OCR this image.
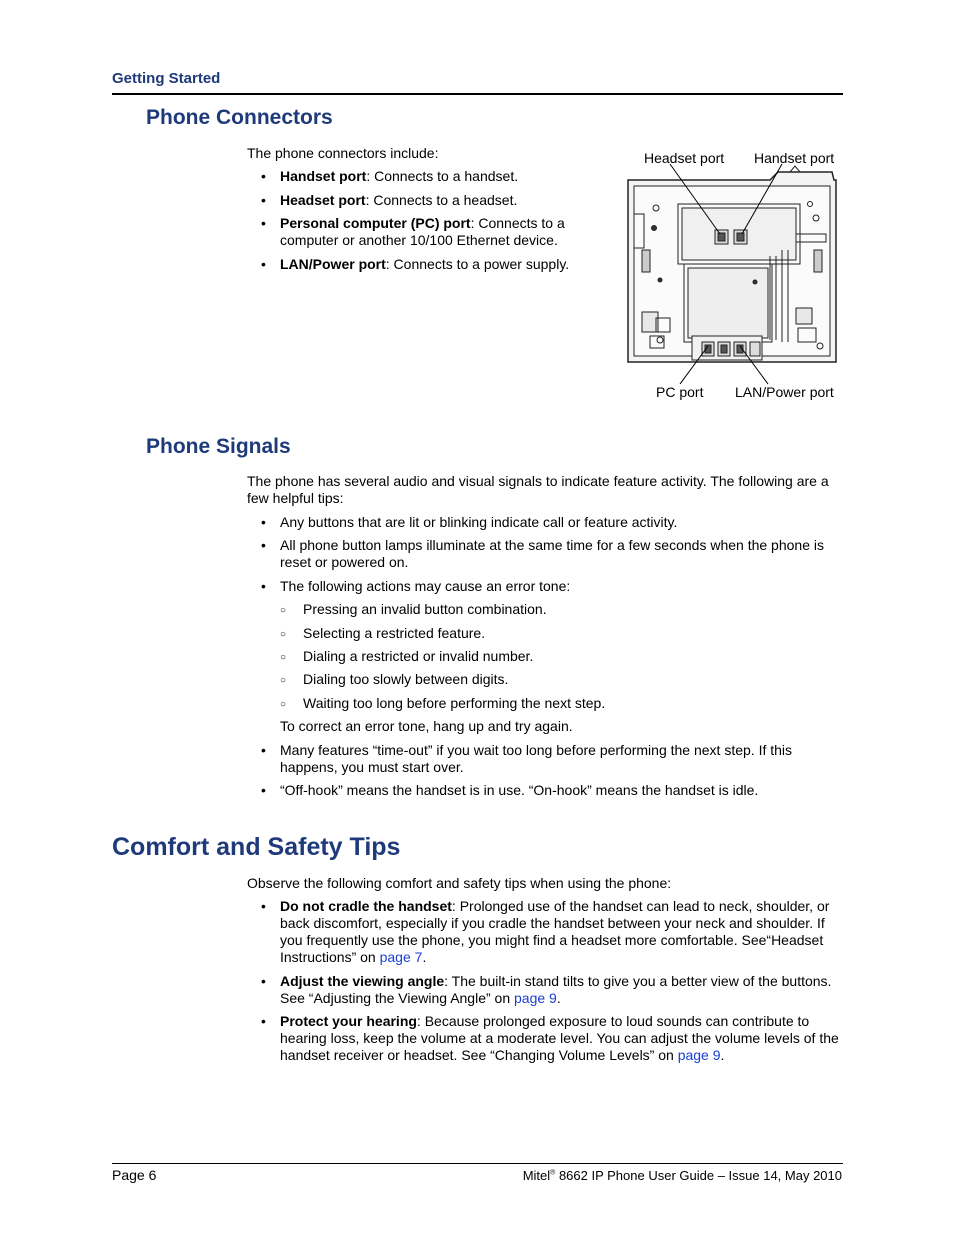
Getting Started
Phone Connectors
The phone connectors include:
• Handset port: Connects to a handset.
• Headset port: Connects to a headset.
• Personal computer (PC) port: Connects to a computer or another 10/100 Ethernet device.
• LAN/Power port: Connects to a power supply.
Headset port Handset port
PC port LAN/Power port
Phone Signals
The phone has several audio and visual signals to indicate feature activity. The following are a few helpful tips:
• Any buttons that are lit or blinking indicate call or feature activity.
• All phone button lamps illuminate at the same time for a few seconds when the phone is reset or powered on.
• The following actions may cause an error tone:
○ Pressing an invalid button combination.
○ Selecting a restricted feature.
○ Dialing a restricted or invalid number.
○ Dialing too slowly between digits.
○ Waiting too long before performing the next step.
To correct an error tone, hang up and try again.
• Many features “time-out” if you wait too long before performing the next step. If this happens, you must start over.
• “Off-hook” means the handset is in use. “On-hook” means the handset is idle.
Comfort and Safety Tips
Observe the following comfort and safety tips when using the phone:
• Do not cradle the handset: Prolonged use of the handset can lead to neck, shoulder, or back discomfort, especially if you cradle the handset between your neck and shoulder. If you frequently use the phone, you might find a headset more comfortable. See“Headset Instructions” on page 7.
• Adjust the viewing angle: The built-in stand tilts to give you a better view of the buttons. See “Adjusting the Viewing Angle” on page 9.
• Protect your hearing: Because prolonged exposure to loud sounds can contribute to hearing loss, keep the volume at a moderate level. You can adjust the volume levels of the handset receiver or headset. See “Changing Volume Levels” on page 9.
Page 6	Mitel® 8662 IP Phone User Guide – Issue 14, May 2010
